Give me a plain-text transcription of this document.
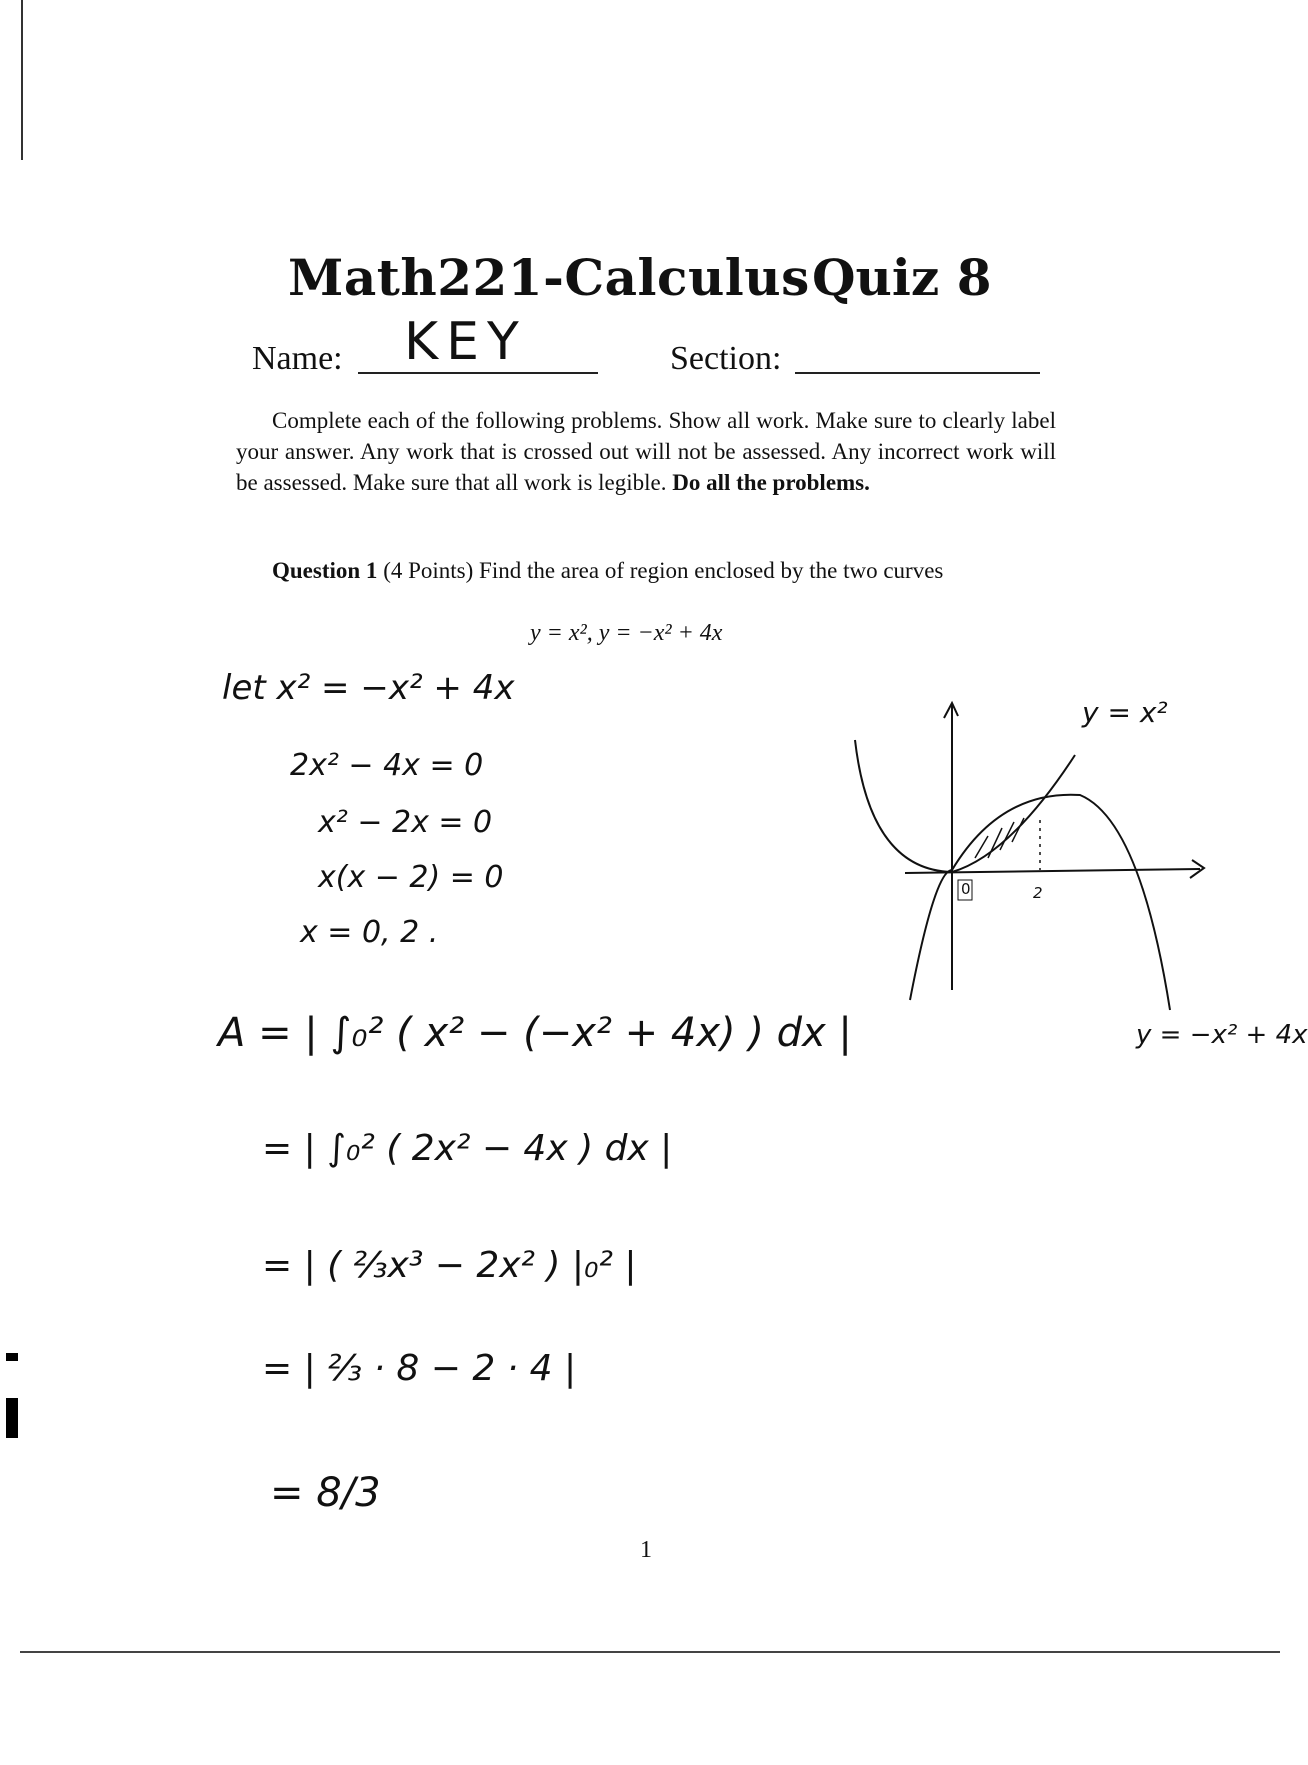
Math221-Calculus Quiz 8
Name: KEY	Section:
Complete each of the following problems. Show all work. Make sure to clearly label your answer. Any work that is crossed out will not be assessed. Any incorrect work will be assessed. Make sure that all work is legible. Do all the problems.
Question 1 (4 Points) Find the area of region enclosed by the two curves
y = x², y = −x² + 4x
let x² = −x² + 4x
2x² − 4x = 0
x² − 2x = 0
x(x − 2) = 0
x = 0, 2 .
A = | ∫₀² ( x² − (−x² + 4x) ) dx |
= | ∫₀² ( 2x² − 4x ) dx |
= | ( ⅔x³ − 2x² ) |₀² |
= | ⅔ · 8 − 2 · 4 |
= 8/3
0	2
y = x²
y = −x² + 4x
1
